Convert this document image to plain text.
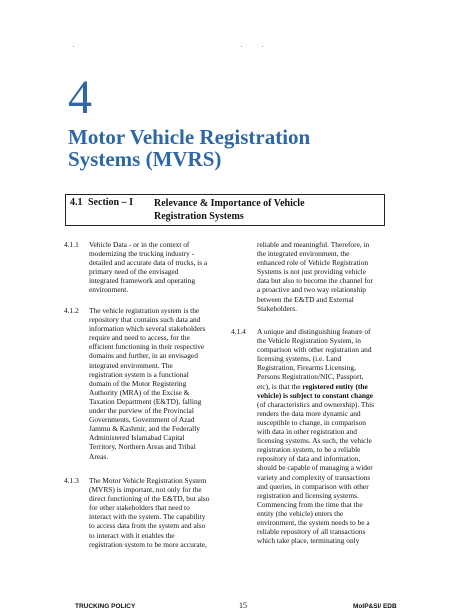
4
Motor Vehicle Registration
Systems (MVRS)
4.1 Section – I Relevance & Importance of Vehicle
Registration Systems
4.1.1 Vehicle Data - or in the context of

modernizing the trucking industry -

detailed and accurate data of trucks, is a

primary need of the envisaged

integrated framework and operating

environment.

4.1.2 The vehicle registration system is the

repository that contains such data and

information which several stakeholders

require and need to access, for the

efficient functioning in their respective

domains and further, in an envisaged

integrated environment. The

registration system is a functional

domain of the Motor Registering

Authority (MRA) of the Excise &

Taxation Department (E&TD), falling

under the purview of the Provincial

Governments, Government of Azad

Jammu & Kashmir, and the Federally

Administered Islamabad Capital

Territory, Northern Areas and Tribal

Areas.

4.1.3 The Motor Vehicle Registration System

(MVRS) is important, not only for the

direct functioning of the E&TD, but also

for other stakeholders that need to

interact with the system. The capability

to access data from the system and also

to interact with it enables the

registration system to be more accurate,

reliable and meaningful. Therefore, in

the integrated environment, the

enhanced role of Vehicle Registration

Systems is not just providing vehicle

data but also to become the channel for

a proactive and two way relationship

between the E&TD and External

Stakeholders.

4.1.4 A unique and distinguishing feature of

the Vehicle Registration System, in

comparison with other registration and

licensing systems, (i.e. Land

Registration, Firearms Licensing,

Persons Registration/NIC, Passport,

etc), is that the registered entity (the

vehicle) is subject to constant change

(of characteristics and ownership). This

renders the data more dynamic and

susceptible to change, in comparison

with data in other registration and

licensing systems. As such, the vehicle

registration system, to be a reliable

repository of data and information,

should be capable of managing a wider

variety and complexity of transactions

and queries, in comparison with other

registration and licensing systems.

Commencing from the time that the

entity (the vehicle) enters the

environment, the system needs to be a

reliable repository of all transactions

which take place, terminating only

TRUCKING POLICY	15	MoIP&SI/ EDB
